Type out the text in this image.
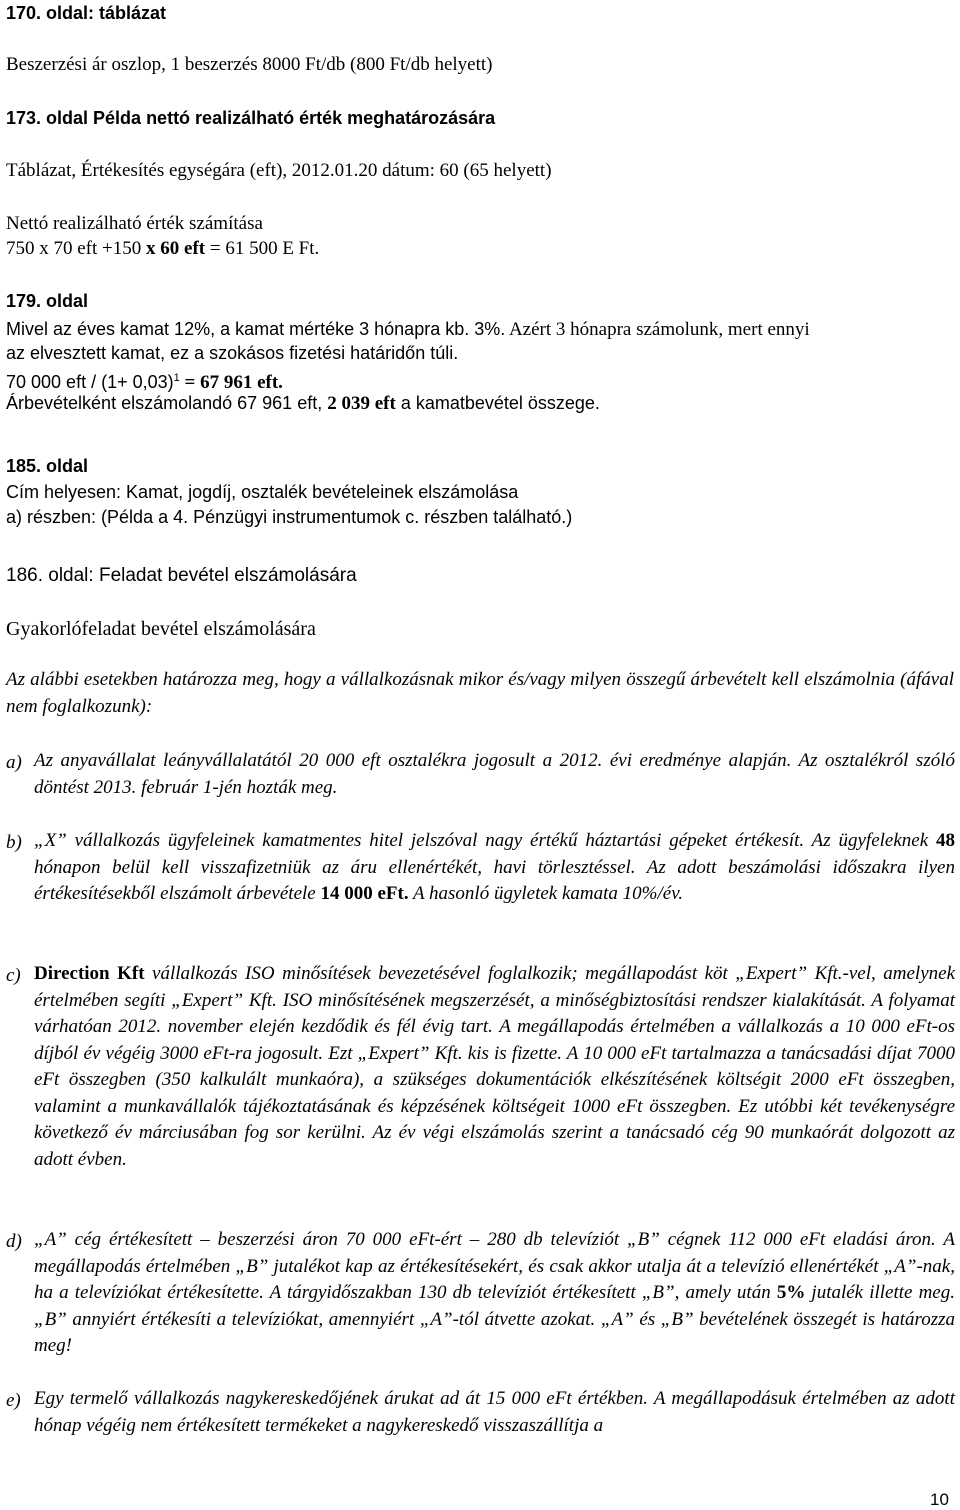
170. oldal: táblázat
Beszerzési ár oszlop, 1 beszerzés 8000 Ft/db (800 Ft/db helyett)
173. oldal Példa nettó realizálható érték meghatározására
Táblázat, Értékesítés egységára (eft), 2012.01.20 dátum: 60 (65 helyett)
Nettó realizálható érték számítása
750 x 70 eft +150 x 60 eft = 61 500 E Ft.
179. oldal
Mivel az éves kamat 12%, a kamat mértéke 3 hónapra kb. 3%. Azért 3 hónapra számolunk, mert ennyi
az elvesztett kamat, ez a szokásos fizetési határidőn túli.
70 000 eft / $(1+ 0,03)^1 = 67$ 961 eft.
Árbevételként elszámolandó 67 961 eft, 2 039 eft a kamatbevétel összege.
185. oldal
Cím helyesen: Kamat, jogdíj, osztalék bevételeinek elszámolása
a) részben: (Példa a 4. Pénzügyi instrumentumok c. részben található.)
186. oldal: Feladat bevétel elszámolására
Gyakorlófeladat bevétel elszámolására
Az alábbi esetekben határozza meg, hogy a vállalkozásnak mikor és/vagy milyen összegű árbevételt kell elszámolnia (áfával nem foglalkozunk):
a) Az anyavállalat leányvállalatától 20 000 eft osztalékra jogosult a 2012. évi eredménye alapján. Az osztalékról szóló döntést 2013. február 1-jén hozták meg.
b) „X” vállalkozás ügyfeleinek kamatmentes hitel jelszóval nagy értékű háztartási gépeket értékesít. Az ügyfeleknek 48 hónapon belül kell visszafizetniük az áru ellenértékét, havi törlesztéssel. Az adott beszámolási időszakra ilyen értékesítésekből elszámolt árbevétele 14 000 eFt. A hasonló ügyletek kamata 10%/év.
c) Direction Kft vállalkozás ISO minősítések bevezetésével foglalkozik; megállapodást köt „Expert” Kft.-vel, amelynek értelmében segíti „Expert” Kft. ISO minősítésének megszerzését, a minőségbiztosítási rendszer kialakítását. A folyamat várhatóan 2012. november elején kezdődik és fél évig tart. A megállapodás értelmében a vállalkozás a 10 000 eFt-os díjból év végéig 3000 eFt-ra jogosult. Ezt „Expert” Kft. kis is fizette. A 10 000 eFt tartalmazza a tanácsadási díjat 7000 eFt összegben (350 kalkulált munkaóra), a szükséges dokumentációk elkészítésének költségit 2000 eFt összegben, valamint a munkavállalók tájékoztatásának és képzésének költségeit 1000 eFt összegben. Ez utóbbi két tevékenységre következő év márciusában fog sor kerülni. Az év végi elszámolás szerint a tanácsadó cég 90 munkaórát dolgozott az adott évben.
d) „A” cég értékesített – beszerzési áron 70 000 eFt-ért – 280 db televíziót „B” cégnek 112 000 eFt eladási áron. A megállapodás értelmében „B” jutalékot kap az értékesítésekért, és csak akkor utalja át a televízió ellenértékét „A”-nak, ha a televíziókat értékesítette. A tárgyidőszakban 130 db televíziót értékesített „B”, amely után 5% jutalék illette meg. „B” annyiért értékesíti a televíziókat, amennyiért „A”-tól átvette azokat. „A” és „B” bevételének összegét is határozza meg!
e) Egy termelő vállalkozás nagykereskedőjének árukat ad át 15 000 eFt értékben. A megállapodásuk értelmében az adott hónap végéig nem értékesített termékeket a nagykereskedő visszaszállítja a
10
